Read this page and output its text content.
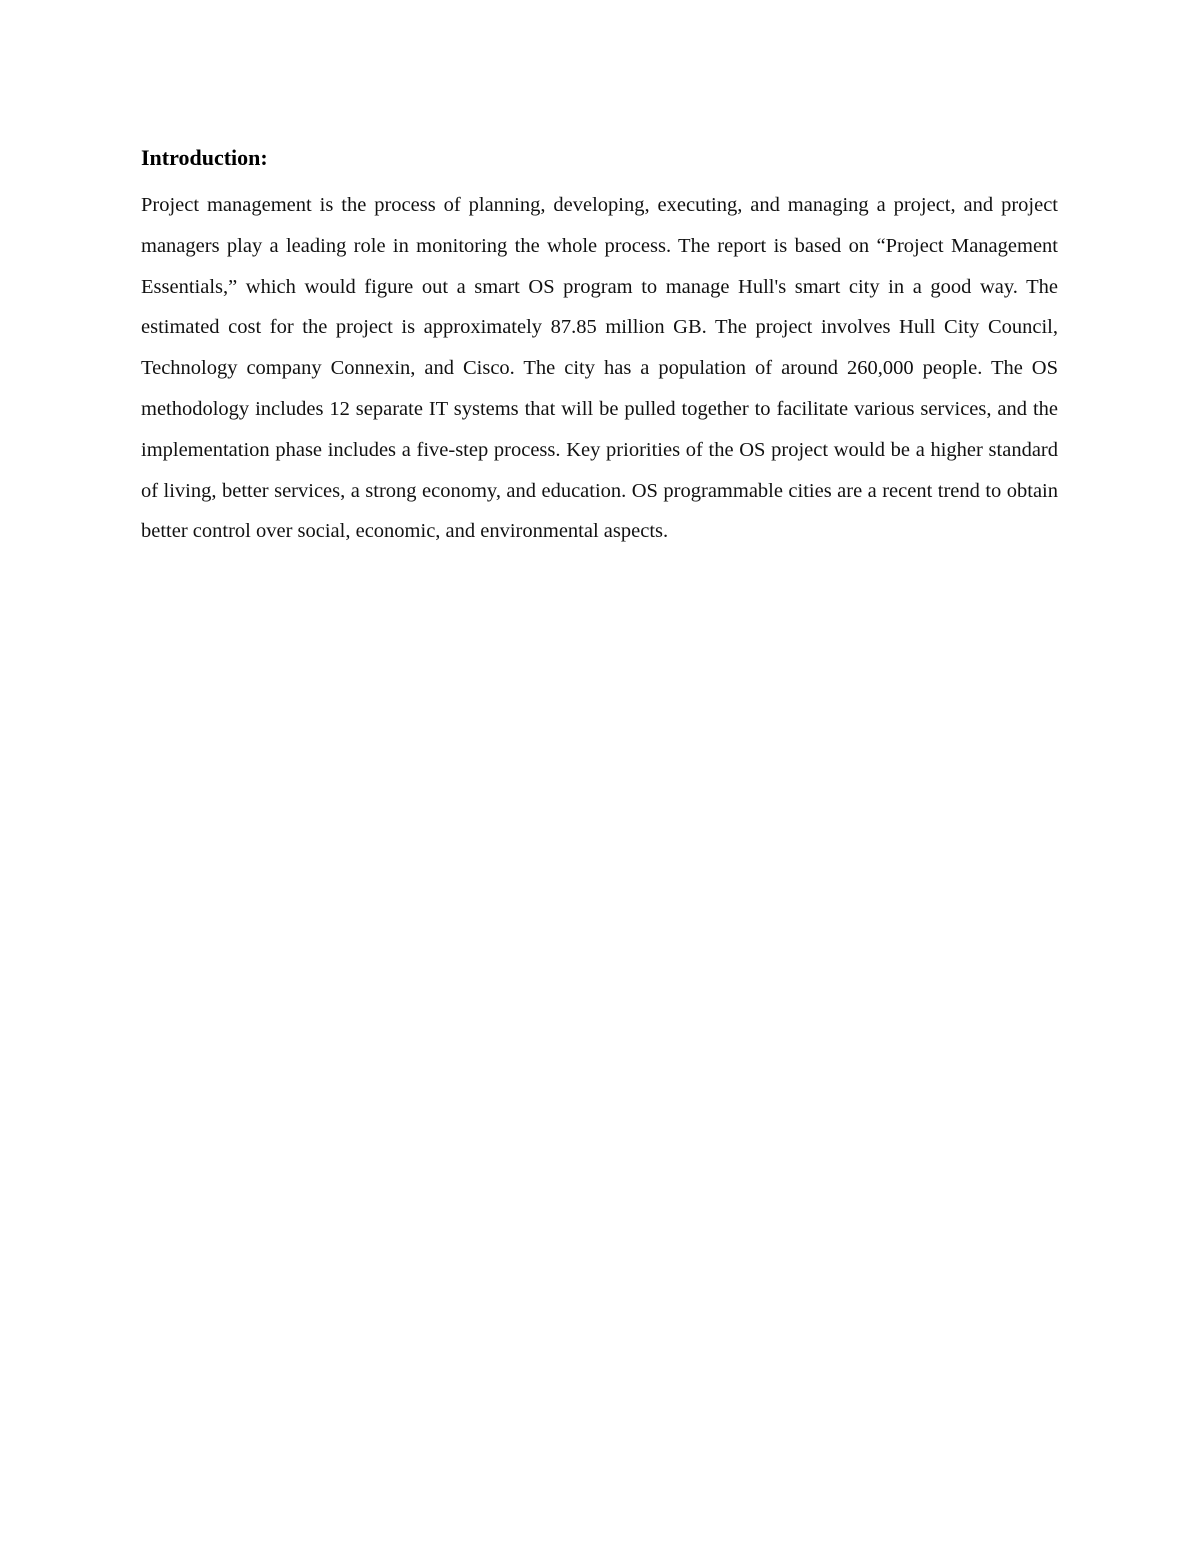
Introduction:

Project management is the process of planning, developing, executing, and managing a project, and project managers play a leading role in monitoring the whole process. The report is based on “Project Management Essentials,” which would figure out a smart OS program to manage Hull's smart city in a good way. The estimated cost for the project is approximately 87.85 million GB. The project involves Hull City Council, Technology company Connexin, and Cisco. The city has a population of around 260,000 people. The OS methodology includes 12 separate IT systems that will be pulled together to facilitate various services, and the implementation phase includes a five-step process. Key priorities of the OS project would be a higher standard of living, better services, a strong economy, and education. OS programmable cities are a recent trend to obtain better control over social, economic, and environmental aspects.
